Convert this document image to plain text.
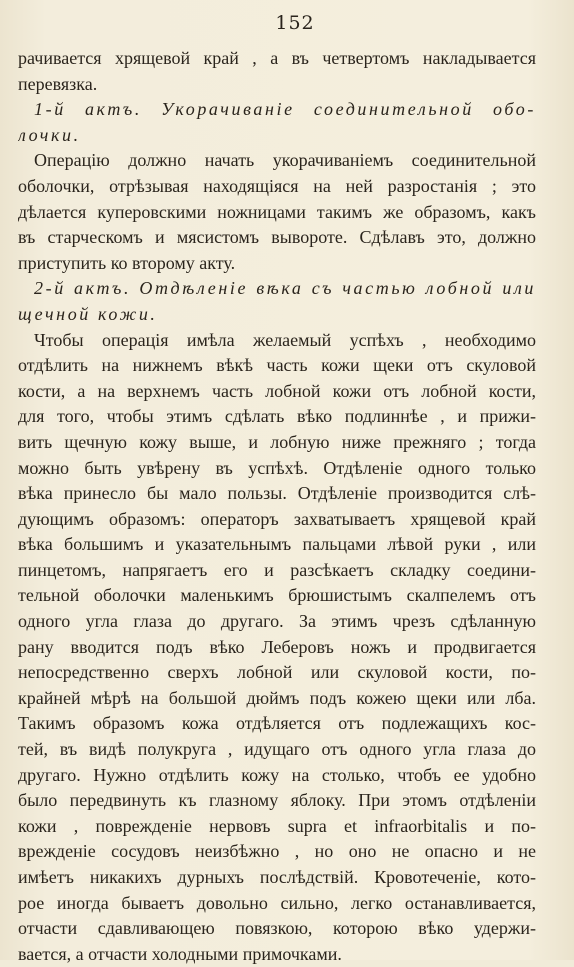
152
рачивается хрящевой край , а въ четвертомъ накладывается
перевязка.
1-й актъ. Укорачиваніе соединительной обо-
лочки.
Операцію должно начать укорачиваніемъ соединительной
оболочки, отрѣзывая находящіяся на ней разростанія ; это
дѣлается куперовскими ножницами такимъ же образомъ, какъ
въ старческомъ и мясистомъ вывороте. Сдѣлавъ это, должно
приступить ко второму акту.
2-й актъ. Отдѣленіе вѣка съ частью лобной или
щечной кожи.
Чтобы операція имѣла желаемый успѣхъ , необходимо
отдѣлить на нижнемъ вѣкѣ часть кожи щеки отъ скуловой
кости, а на верхнемъ часть лобной кожи отъ лобной кости,
для того, чтобы этимъ сдѣлать вѣко подлиннѣе , и прижи-
вить щечную кожу выше, и лобную ниже прежняго ; тогда
можно быть увѣрену въ успѣхѣ. Отдѣленіе одного только
вѣка принесло бы мало пользы. Отдѣленіе производится слѣ-
дующимъ образомъ: операторъ захватываетъ хрящевой край
вѣка большимъ и указательнымъ пальцами лѣвой руки , или
пинцетомъ, напрягаетъ его и разсѣкаетъ складку соедини-
тельной оболочки маленькимъ брюшистымъ скалпелемъ отъ
одного угла глаза до другаго. За этимъ чрезъ сдѣланную
рану вводится подъ вѣко Леберовъ ножъ и продвигается
непосредственно сверхъ лобной или скуловой кости, по-
крайней мѣрѣ на большой дюймъ подъ кожею щеки или лба.
Такимъ образомъ кожа отдѣляется отъ подлежащихъ кос-
тей, въ видѣ полукруга , идущаго отъ одного угла глаза до
другаго. Нужно отдѣлить кожу на столько, чтобъ ее удобно
было передвинуть къ глазному яблоку. При этомъ отдѣленіи
кожи , поврежденіе нервовъ supra et infraorbitalis и по-
врежденіе сосудовъ неизбѣжно , но оно не опасно и не
имѣетъ никакихъ дурныхъ послѣдствій. Кровотеченіе, кото-
рое иногда бываетъ довольно сильно, легко останавливается,
отчасти сдавливающею повязкою, которою вѣко удержи-
вается, а отчасти холодными примочками.
